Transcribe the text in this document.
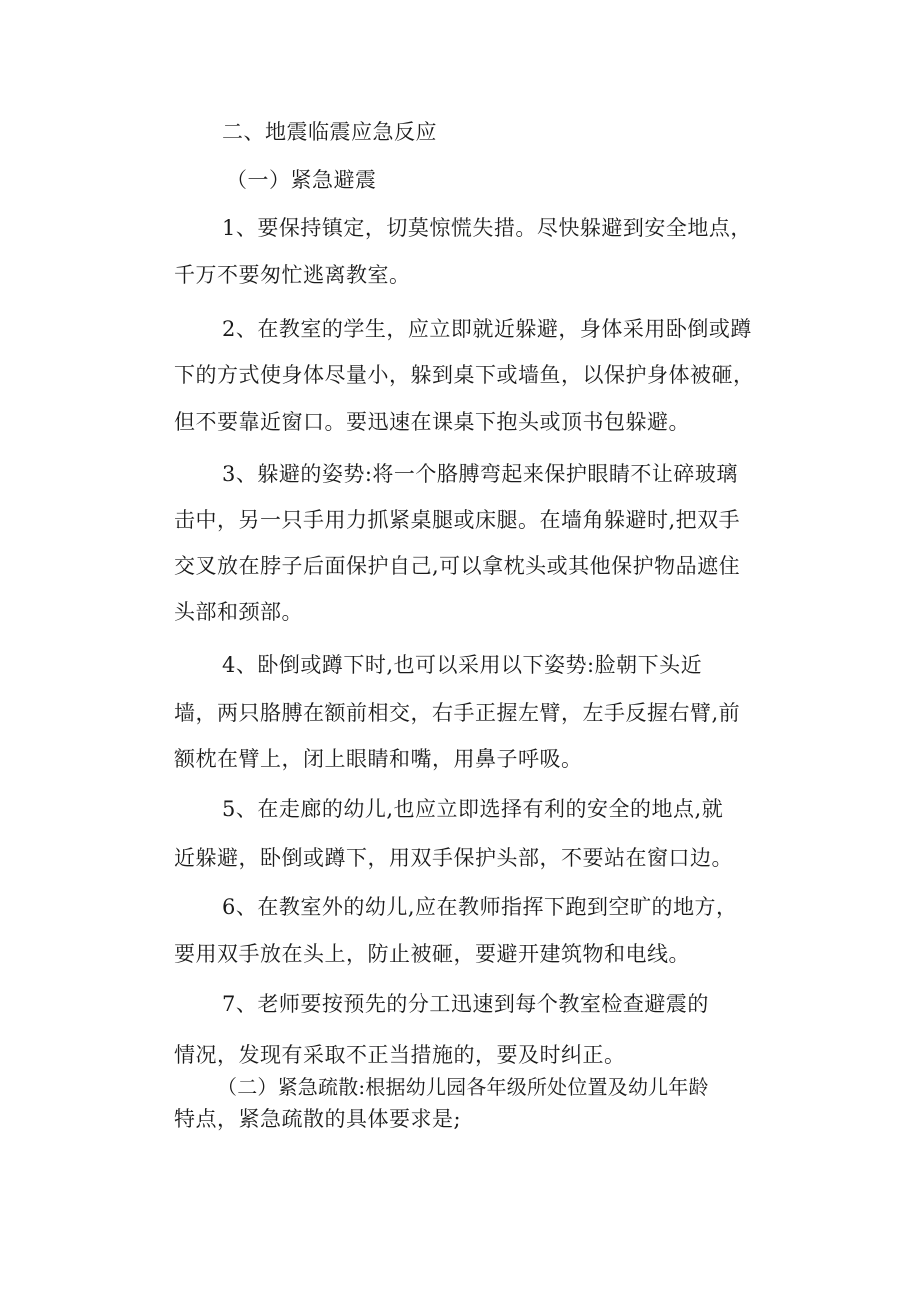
二、地震临震应急反应
（一）紧急避震
1、要保持镇定，切莫惊慌失措。尽快躲避到安全地点，
千万不要匆忙逃离教室。
2、在教室的学生，应立即就近躲避，身体采用卧倒或蹲
下的方式使身体尽量小，躲到桌下或墙鱼，以保护身体被砸，
但不要靠近窗口。要迅速在课桌下抱头或顶书包躲避。
3、躲避的姿势:将一个胳膊弯起来保护眼睛不让碎玻璃
击中，另一只手用力抓紧桌腿或床腿。在墙角躲避时,把双手
交叉放在脖子后面保护自己,可以拿枕头或其他保护物品遮住
头部和颈部。
4、卧倒或蹲下时,也可以采用以下姿势:脸朝下头近
墙，两只胳膊在额前相交，右手正握左臂，左手反握右臂,前
额枕在臂上，闭上眼睛和嘴，用鼻子呼吸。
5、在走廊的幼儿,也应立即选择有利的安全的地点,就
近躲避，卧倒或蹲下，用双手保护头部，不要站在窗口边。
6、在教室外的幼儿,应在教师指挥下跑到空旷的地方，
要用双手放在头上，防止被砸，要避开建筑物和电线。
7、老师要按预先的分工迅速到每个教室检查避震的
情况，发现有采取不正当措施的，要及时纠正。
（二）紧急疏散:根据幼儿园各年级所处位置及幼儿年龄
特点，紧急疏散的具体要求是;
